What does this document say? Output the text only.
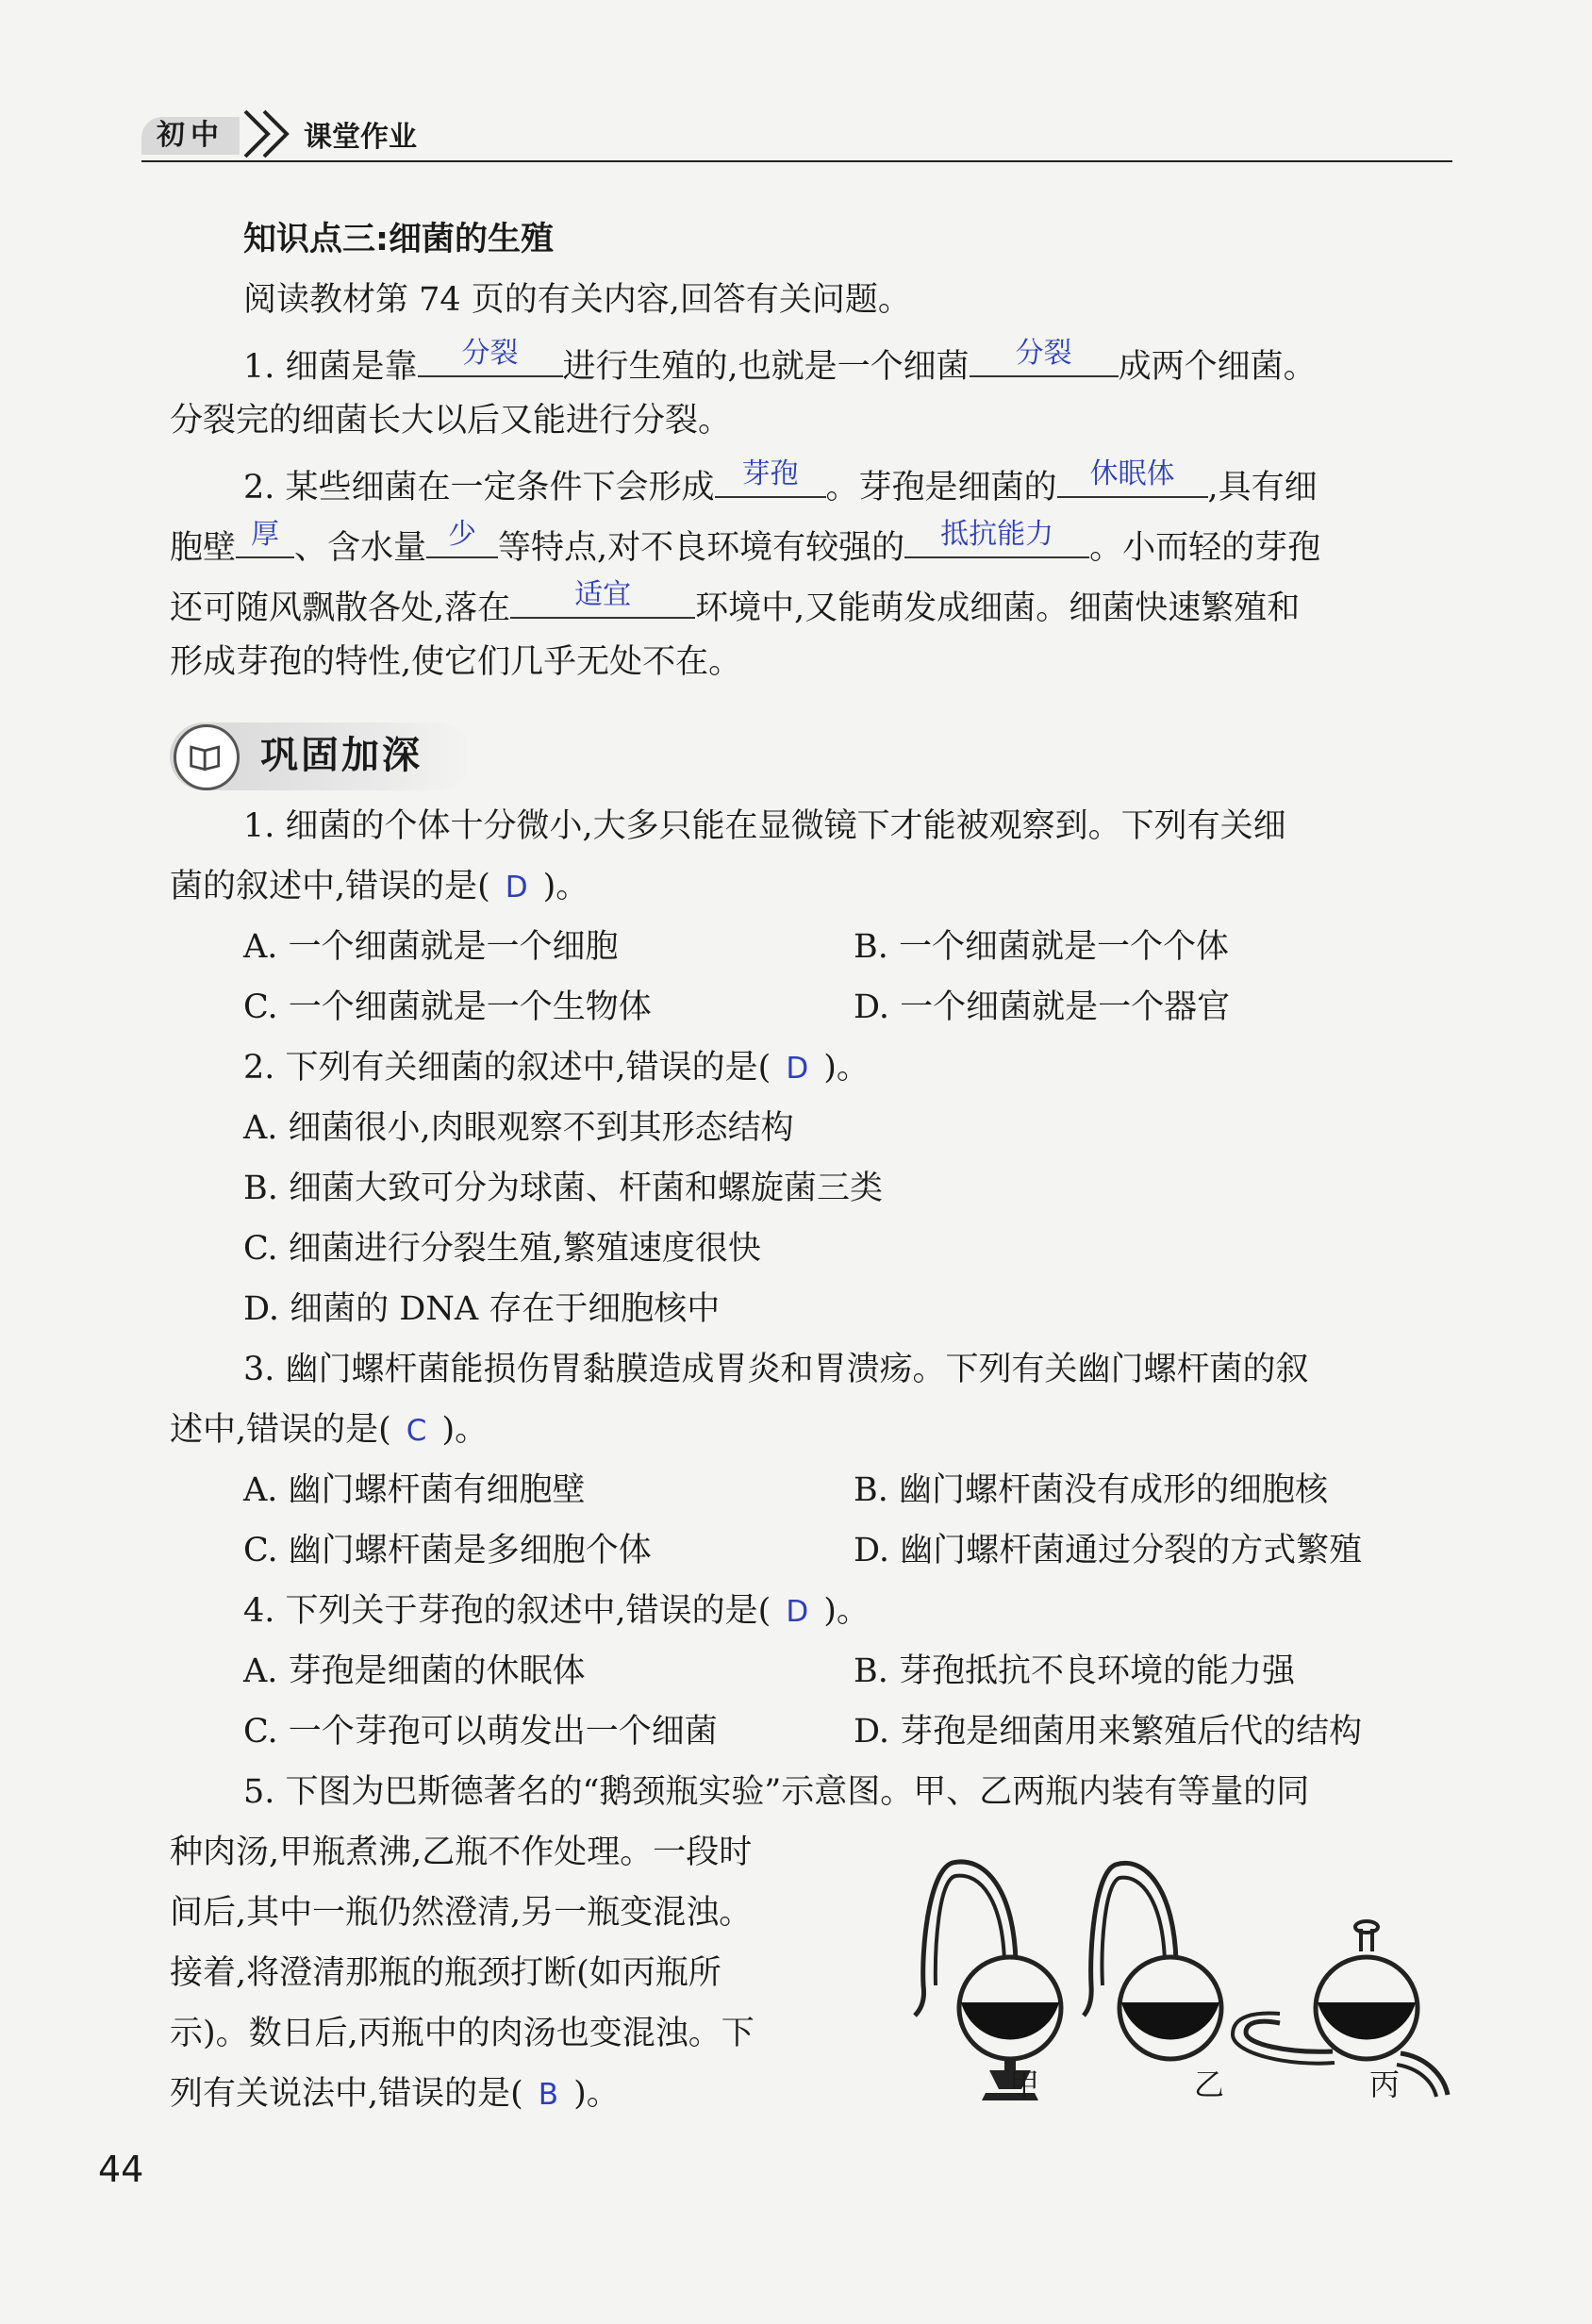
初中	课堂作业
知识点三:细菌的生殖
阅读教材第 74 页的有关内容,回答有关问题。
1. 细菌是靠	分裂	进行生殖的,也就是一个细菌	分裂	成两个细菌。
分裂完的细菌长大以后又能进行分裂。
2. 某些细菌在一定条件下会形成 芽孢 。芽孢是细菌的	休眠体	,具有细
胞壁 厚 、含水量 少 等特点,对不良环境有较强的	抵抗能力	。小而轻的芽孢
还可随风飘散各处,落在	适宜	环境中,又能萌发成细菌。细菌快速繁殖和
形成芽孢的特性,使它们几乎无处不在。
巩固加深
1. 细菌的个体十分微小,大多只能在显微镜下才能被观察到。下列有关细
菌的叙述中,错误的是( D )。
A. 一个细菌就是一个细胞	B. 一个细菌就是一个个体
C. 一个细菌就是一个生物体	D. 一个细菌就是一个器官
2. 下列有关细菌的叙述中,错误的是( D )。
A. 细菌很小,肉眼观察不到其形态结构
B. 细菌大致可分为球菌、杆菌和螺旋菌三类
C. 细菌进行分裂生殖,繁殖速度很快
D. 细菌的 DNA 存在于细胞核中
3. 幽门螺杆菌能损伤胃黏膜造成胃炎和胃溃疡。下列有关幽门螺杆菌的叙
述中,错误的是( C )。
A. 幽门螺杆菌有细胞壁	B. 幽门螺杆菌没有成形的细胞核
C. 幽门螺杆菌是多细胞个体	D. 幽门螺杆菌通过分裂的方式繁殖
4. 下列关于芽孢的叙述中,错误的是( D )。
A. 芽孢是细菌的休眠体	B. 芽孢抵抗不良环境的能力强
C. 一个芽孢可以萌发出一个细菌	D. 芽孢是细菌用来繁殖后代的结构
5. 下图为巴斯德著名的“鹅颈瓶实验”示意图。甲、乙两瓶内装有等量的同
种肉汤,甲瓶煮沸,乙瓶不作处理。一段时
间后,其中一瓶仍然澄清,另一瓶变混浊。
接着,将澄清那瓶的瓶颈打断(如丙瓶所
示)。数日后,丙瓶中的肉汤也变混浊。下
列有关说法中,错误的是( B )。	甲	乙	丙
44
